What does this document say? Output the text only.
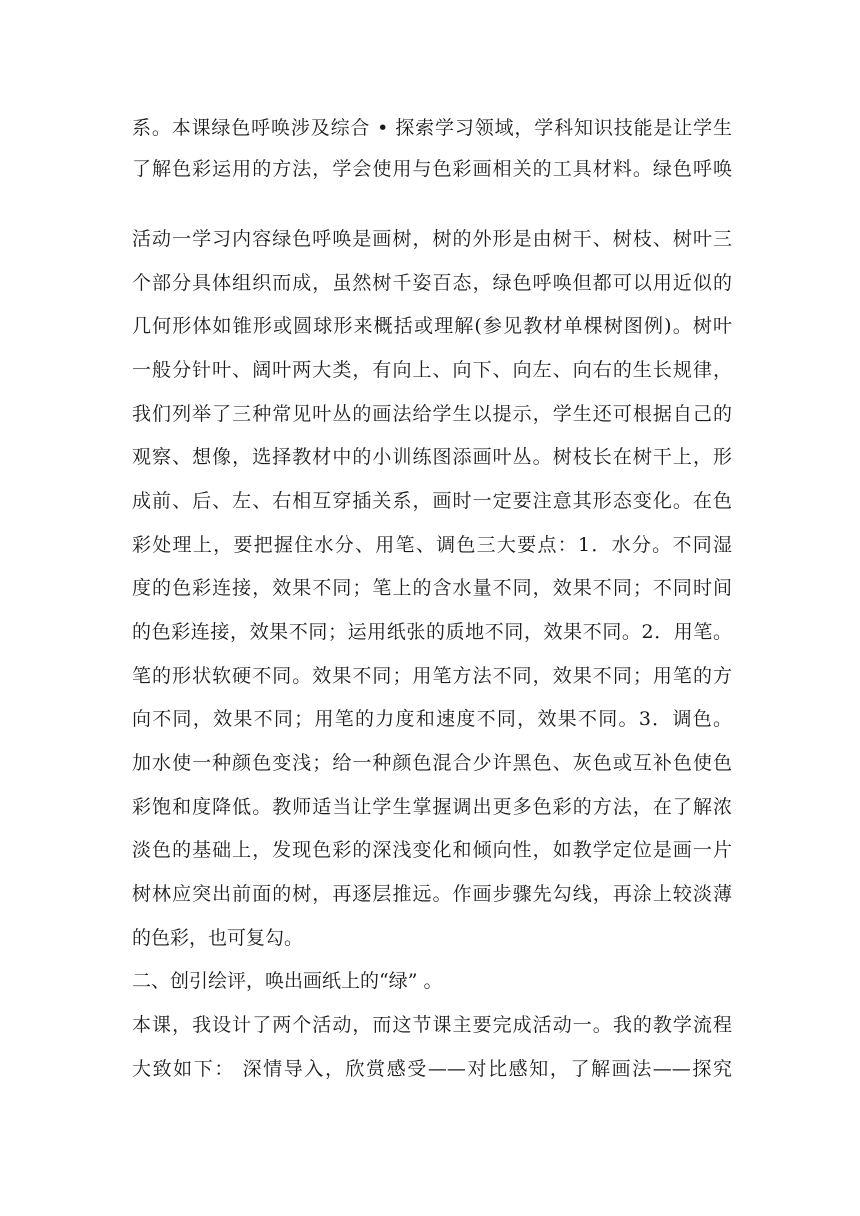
系。本课绿色呼唤涉及综合 • 探索学习领域，学科知识技能是让学生
了解色彩运用的方法，学会使用与色彩画相关的工具材料。绿色呼唤
活动一学习内容绿色呼唤是画树，树的外形是由树干、树枝、树叶三
个部分具体组织而成，虽然树千姿百态，绿色呼唤但都可以用近似的
几何形体如锥形或圆球形来概括或理解(参见教材单棵树图例)。树叶
一般分针叶、阔叶两大类，有向上、向下、向左、向右的生长规律，
我们列举了三种常见叶丛的画法给学生以提示，学生还可根据自己的
观察、想像，选择教材中的小训练图添画叶丛。树枝长在树干上，形
成前、后、左、右相互穿插关系，画时一定要注意其形态变化。在色
彩处理上，要把握住水分、用笔、调色三大要点：1．水分。不同湿
度的色彩连接，效果不同；笔上的含水量不同，效果不同；不同时间
的色彩连接，效果不同；运用纸张的质地不同，效果不同。2．用笔。
笔的形状软硬不同。效果不同；用笔方法不同，效果不同；用笔的方
向不同，效果不同；用笔的力度和速度不同，效果不同。3．调色。
加水使一种颜色变浅；给一种颜色混合少许黑色、灰色或互补色使色
彩饱和度降低。教师适当让学生掌握调出更多色彩的方法，在了解浓
淡色的基础上，发现色彩的深浅变化和倾向性，如教学定位是画一片
树林应突出前面的树，再逐层推远。作画步骤先勾线，再涂上较淡薄
的色彩，也可复勾。
二、创引绘评，唤出画纸上的“绿” 。
本课，我设计了两个活动，而这节课主要完成活动一。我的教学流程
大致如下： 深情导入，欣赏感受——对比感知，了解画法——探究
